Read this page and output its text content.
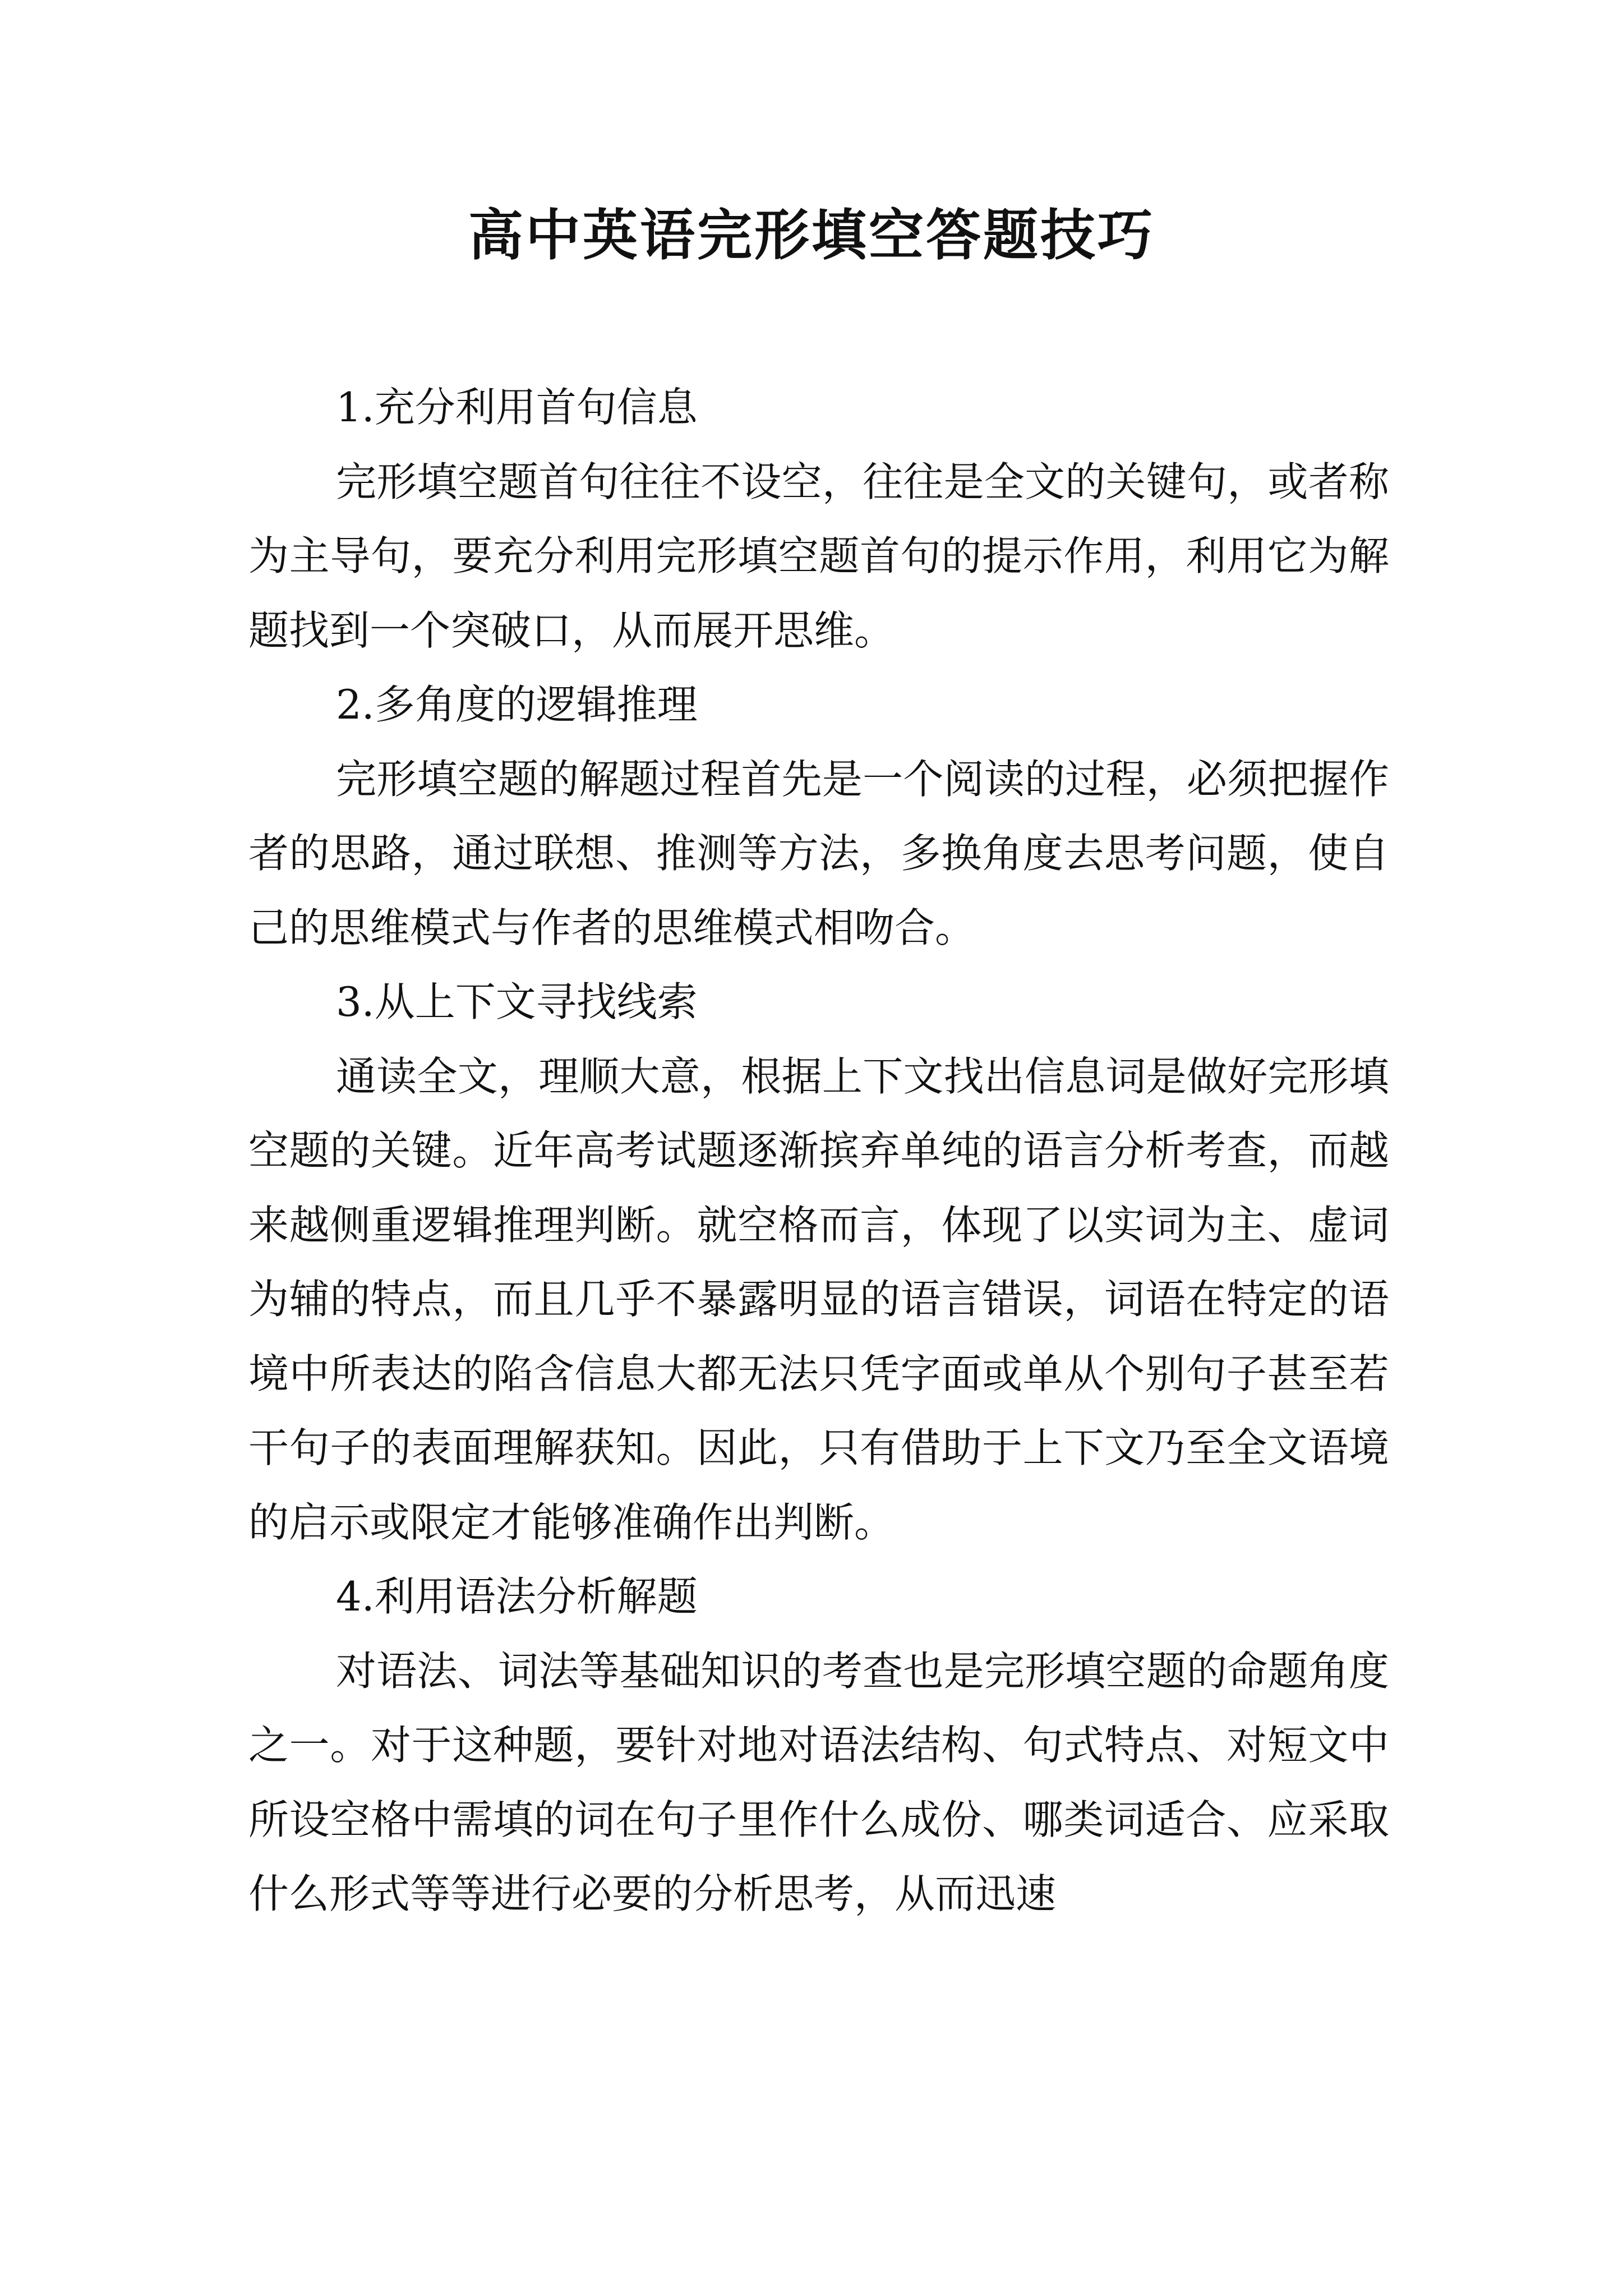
高中英语完形填空答题技巧

1.充分利用首句信息

完形填空题首句往往不设空，往往是全文的关键句，或者称为主导句，要充分利用完形填空题首句的提示作用，利用它为解题找到一个突破口，从而展开思维。

2.多角度的逻辑推理

完形填空题的解题过程首先是一个阅读的过程，必须把握作者的思路，通过联想、推测等方法，多换角度去思考问题，使自己的思维模式与作者的思维模式相吻合。

3.从上下文寻找线索

通读全文，理顺大意，根据上下文找出信息词是做好完形填空题的关键。近年高考试题逐渐摈弃单纯的语言分析考查，而越来越侧重逻辑推理判断。就空格而言，体现了以实词为主、虚词为辅的特点，而且几乎不暴露明显的语言错误，词语在特定的语境中所表达的陷含信息大都无法只凭字面或单从个别句子甚至若干句子的表面理解获知。因此，只有借助于上下文乃至全文语境的启示或限定才能够准确作出判断。

4.利用语法分析解题

对语法、词法等基础知识的考查也是完形填空题的命题角度之一。对于这种题，要针对地对语法结构、句式特点、对短文中所设空格中需填的词在句子里作什么成份、哪类词适合、应采取什么形式等等进行必要的分析思考，从而迅速
